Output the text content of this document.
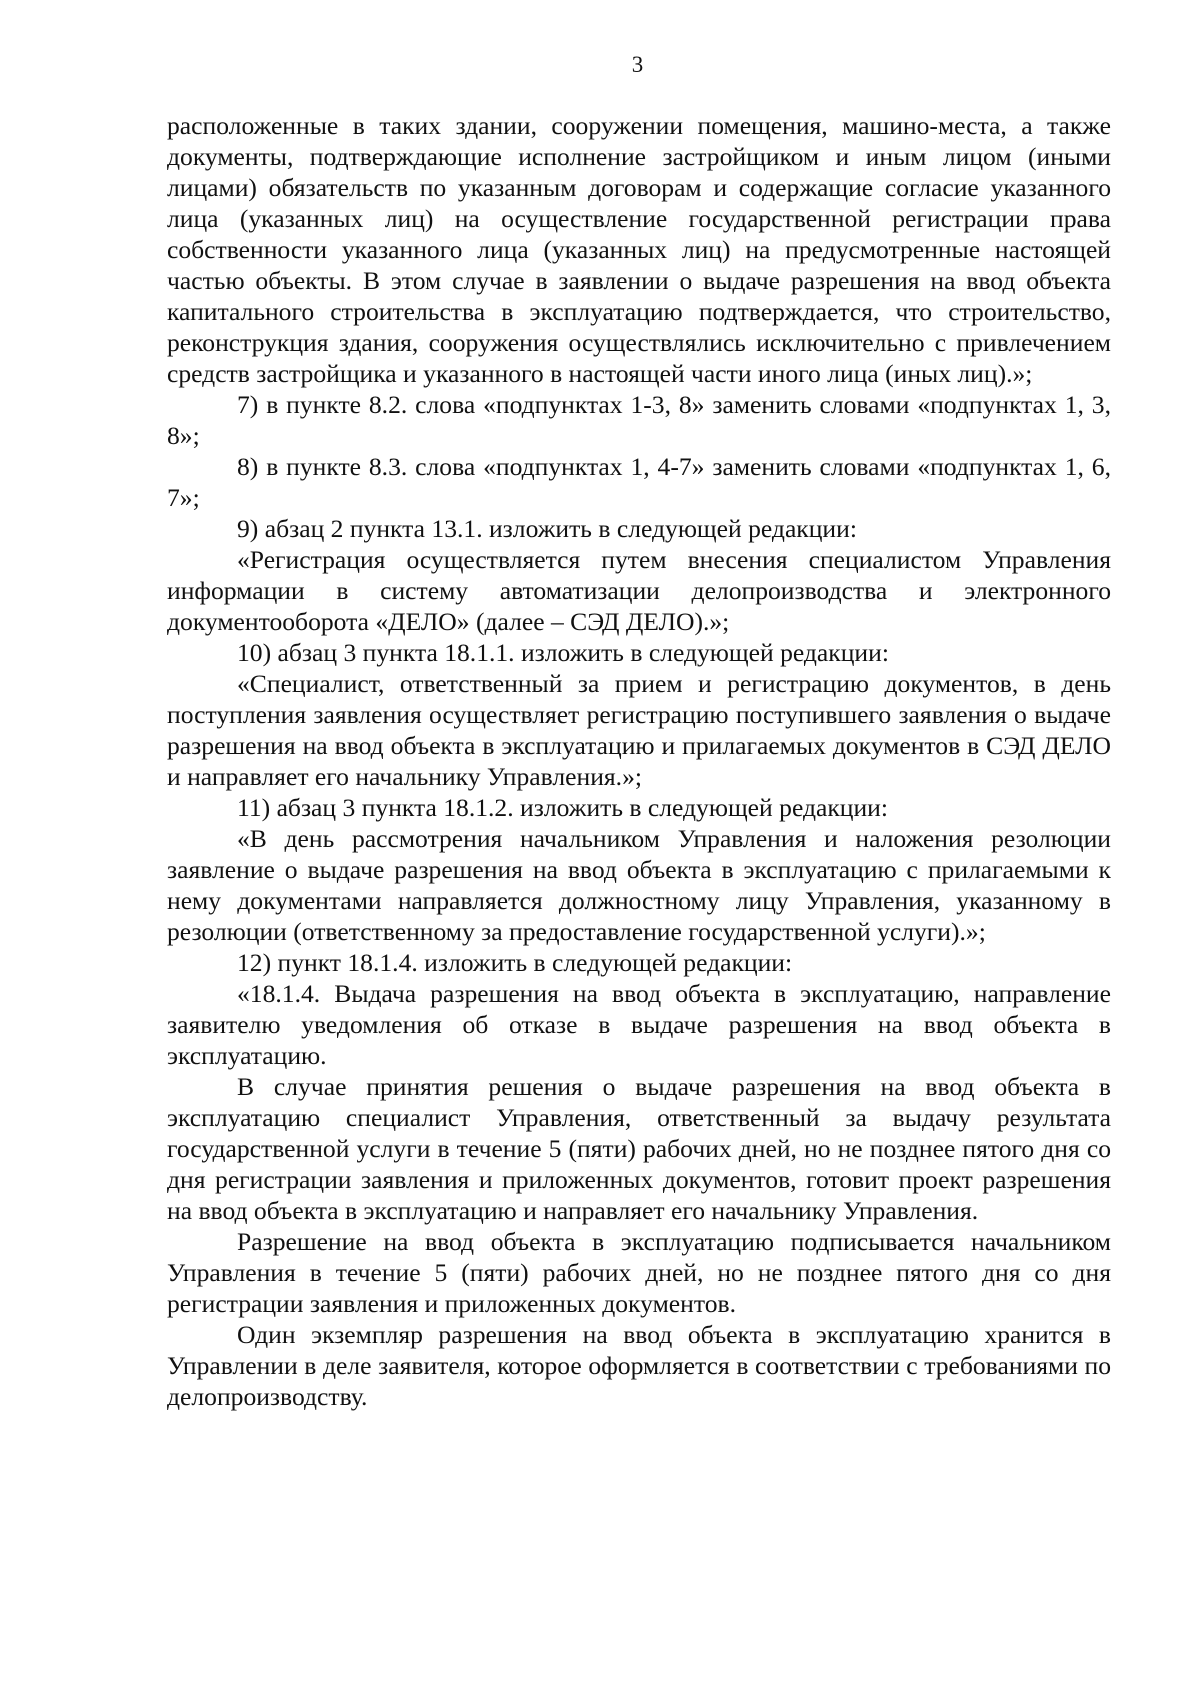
3

расположенные в таких здании, сооружении помещения, машино-места, а также документы, подтверждающие исполнение застройщиком и иным лицом (иными лицами) обязательств по указанным договорам и содержащие согласие указанного лица (указанных лиц) на осуществление государственной регистрации права собственности указанного лица (указанных лиц) на предусмотренные настоящей частью объекты. В этом случае в заявлении о выдаче разрешения на ввод объекта капитального строительства в эксплуатацию подтверждается, что строительство, реконструкция здания, сооружения осуществлялись исключительно с привлечением средств застройщика и указанного в настоящей части иного лица (иных лиц).»;

7) в пункте 8.2. слова «подпунктах 1-3, 8» заменить словами «подпунктах 1, 3, 8»;

8) в пункте 8.3. слова «подпунктах 1, 4-7» заменить словами «подпунктах 1, 6, 7»;

9) абзац 2 пункта 13.1. изложить в следующей редакции:

«Регистрация осуществляется путем внесения специалистом Управления информации в систему автоматизации делопроизводства и электронного документооборота «ДЕЛО» (далее – СЭД ДЕЛО).»;

10) абзац 3 пункта 18.1.1. изложить в следующей редакции:

«Специалист, ответственный за прием и регистрацию документов, в день поступления заявления осуществляет регистрацию поступившего заявления о выдаче разрешения на ввод объекта в эксплуатацию и прилагаемых документов в СЭД ДЕЛО и направляет его начальнику Управления.»;

11) абзац 3 пункта 18.1.2. изложить в следующей редакции:

«В день рассмотрения начальником Управления и наложения резолюции заявление о выдаче разрешения на ввод объекта в эксплуатацию с прилагаемыми к нему документами направляется должностному лицу Управления, указанному в резолюции (ответственному за предоставление государственной услуги).»;

12) пункт 18.1.4. изложить в следующей редакции:

«18.1.4. Выдача разрешения на ввод объекта в эксплуатацию, направление заявителю уведомления об отказе в выдаче разрешения на ввод объекта в эксплуатацию.

В случае принятия решения о выдаче разрешения на ввод объекта в эксплуатацию специалист Управления, ответственный за выдачу результата государственной услуги в течение 5 (пяти) рабочих дней, но не позднее пятого дня со дня регистрации заявления и приложенных документов, готовит проект разрешения на ввод объекта в эксплуатацию и направляет его начальнику Управления.

Разрешение на ввод объекта в эксплуатацию подписывается начальником Управления в течение 5 (пяти) рабочих дней, но не позднее пятого дня со дня регистрации заявления и приложенных документов.

Один экземпляр разрешения на ввод объекта в эксплуатацию хранится в Управлении в деле заявителя, которое оформляется в соответствии с требованиями по делопроизводству.
